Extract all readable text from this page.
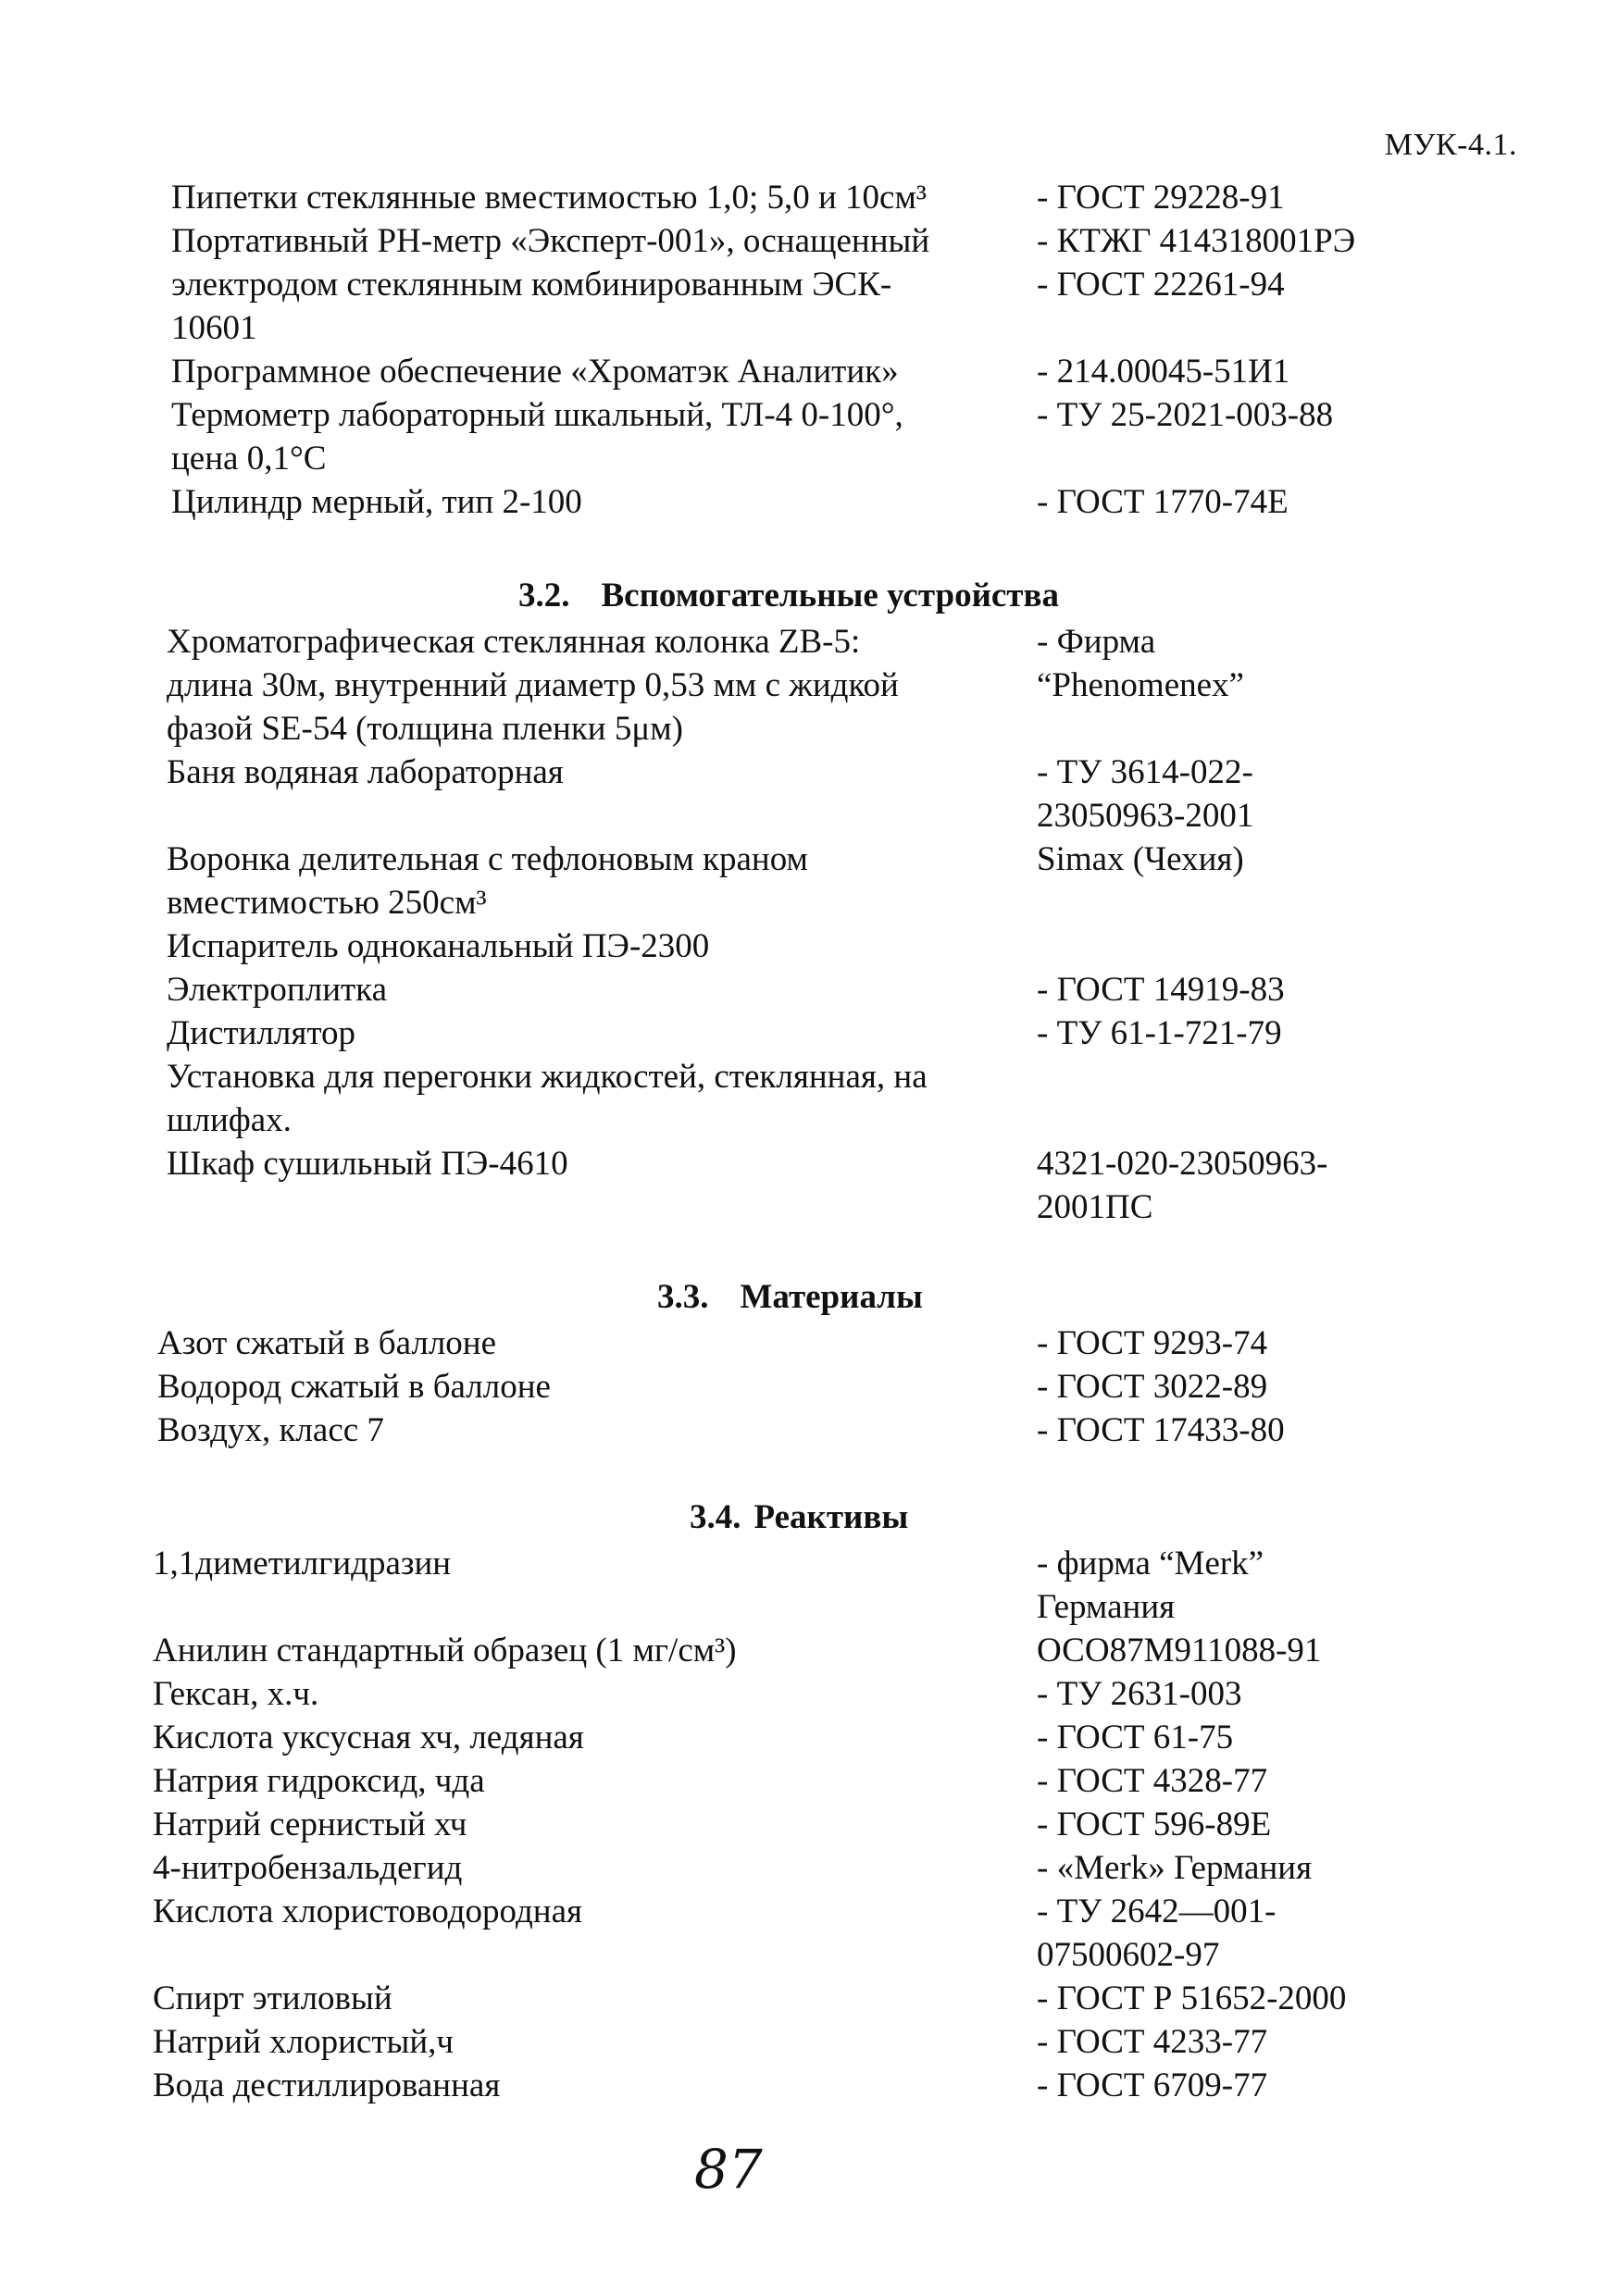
МУК-4.1.
Пипетки стеклянные вместимостью 1,0; 5,0 и 10см³	- ГОСТ 29228-91
Портативный РН-метр «Эксперт-001», оснащенный	- КТЖГ 414318001РЭ
электродом стеклянным комбинированным ЭСК-	- ГОСТ 22261-94
10601
Программное обеспечение «Хроматэк Аналитик»	- 214.00045-51И1
Термометр лабораторный шкальный, ТЛ-4 0-100°,	- ТУ 25-2021-003-88
цена 0,1°С
Цилиндр мерный, тип 2-100	- ГОСТ 1770-74Е
3.2. Вспомогательные устройства
Хроматографическая стеклянная колонка ZB-5:	- Фирма
длина 30м, внутренний диаметр 0,53 мм с жидкой	“Phenomenex”
фазой SE-54 (толщина пленки 5μм)
Баня водяная лабораторная	- ТУ 3614-022-
23050963-2001
Воронка делительная с тефлоновым краном	Simax (Чехия)
вместимостью 250см³
Испаритель одноканальный ПЭ-2300
Электроплитка	- ГОСТ 14919-83
Дистиллятор	- ТУ 61-1-721-79
Установка для перегонки жидкостей, стеклянная, на
шлифах.
Шкаф сушильный ПЭ-4610	4321-020-23050963-
2001ПС
3.3. Материалы
Азот сжатый в баллоне	- ГОСТ 9293-74
Водород сжатый в баллоне	- ГОСТ 3022-89
Воздух, класс 7	- ГОСТ 17433-80
3.4. Реактивы
1,1диметилгидразин	- фирма “Merk”
Германия
Анилин стандартный образец (1 мг/см³)	ОСО87М911088-91
Гексан, х.ч.	- ТУ 2631-003
Кислота уксусная хч, ледяная	- ГОСТ 61-75
Натрия гидроксид, чда	- ГОСТ 4328-77
Натрий сернистый хч	- ГОСТ 596-89Е
4-нитробензальдегид	- «Merk» Германия
Кислота хлористоводородная	- ТУ 2642—001-
07500602-97
Спирт этиловый	- ГОСТ Р 51652-2000
Натрий хлористый,ч	- ГОСТ 4233-77
Вода дестиллированная	- ГОСТ 6709-77
87
